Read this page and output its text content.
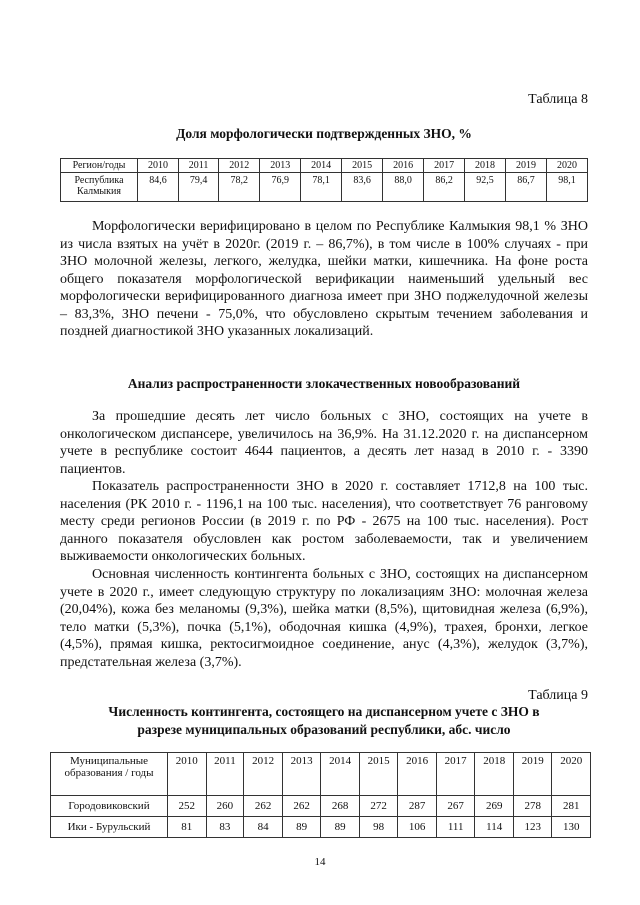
Таблица 8
Доля морфологически подтвержденных ЗНО, %
Регион/годы	2010	2011	2012	2013	2014	2015	2016	2017	2018	2019	2020
Республика Калмыкия	84,6	79,4	78,2	76,9	78,1	83,6	88,0	86,2	92,5	86,7	98,1

Морфологически верифицировано в целом по Республике Калмыкия 98,1 % ЗНО из числа взятых на учёт в 2020г. (2019 г. – 86,7%), в том числе в 100% случаях - при ЗНО молочной железы, легкого, желудка, шейки матки, кишечника. На фоне роста общего показателя морфологической верификации наименьший удельный вес морфологически верифицированного диагноза имеет при ЗНО поджелудочной железы – 83,3%, ЗНО печени - 75,0%, что обусловлено скрытым течением заболевания и поздней диагностикой ЗНО указанных локализаций.

Анализ распространенности злокачественных новообразований

За прошедшие десять лет число больных с ЗНО, состоящих на учете в онкологическом диспансере, увеличилось на 36,9%. На 31.12.2020 г. на диспансерном учете в республике состоит 4644 пациентов, а десять лет назад в 2010 г. - 3390 пациентов.

Показатель распространенности ЗНО в 2020 г. составляет 1712,8 на 100 тыс. населения (РК 2010 г. - 1196,1 на 100 тыс. населения), что соответствует 76 ранговому месту среди регионов России (в 2019 г. по РФ - 2675 на 100 тыс. населения). Рост данного показателя обусловлен как ростом заболеваемости, так и увеличением выживаемости онкологических больных.

Основная численность контингента больных с ЗНО, состоящих на диспансерном учете в 2020 г., имеет следующую структуру по локализациям ЗНО: молочная железа (20,04%), кожа без меланомы (9,3%), шейка матки (8,5%), щитовидная железа (6,9%), тело матки (5,3%), почка (5,1%), ободочная кишка (4,9%), трахея, бронхи, легкое (4,5%), прямая кишка, ректосигмоидное соединение, анус (4,3%), желудок (3,7%), предстательная железа (3,7%).

Таблица 9
Численность контингента, состоящего на диспансерном учете с ЗНО в
разрезе муниципальных образований республики, абс. число
Муниципальные образования / годы	2010	2011	2012	2013	2014	2015	2016	2017	2018	2019	2020
Городовиковский	252	260	262	262	268	272	287	267	269	278	281
Ики - Бурульский	81	83	84	89	89	98	106	111	114	123	130
14
